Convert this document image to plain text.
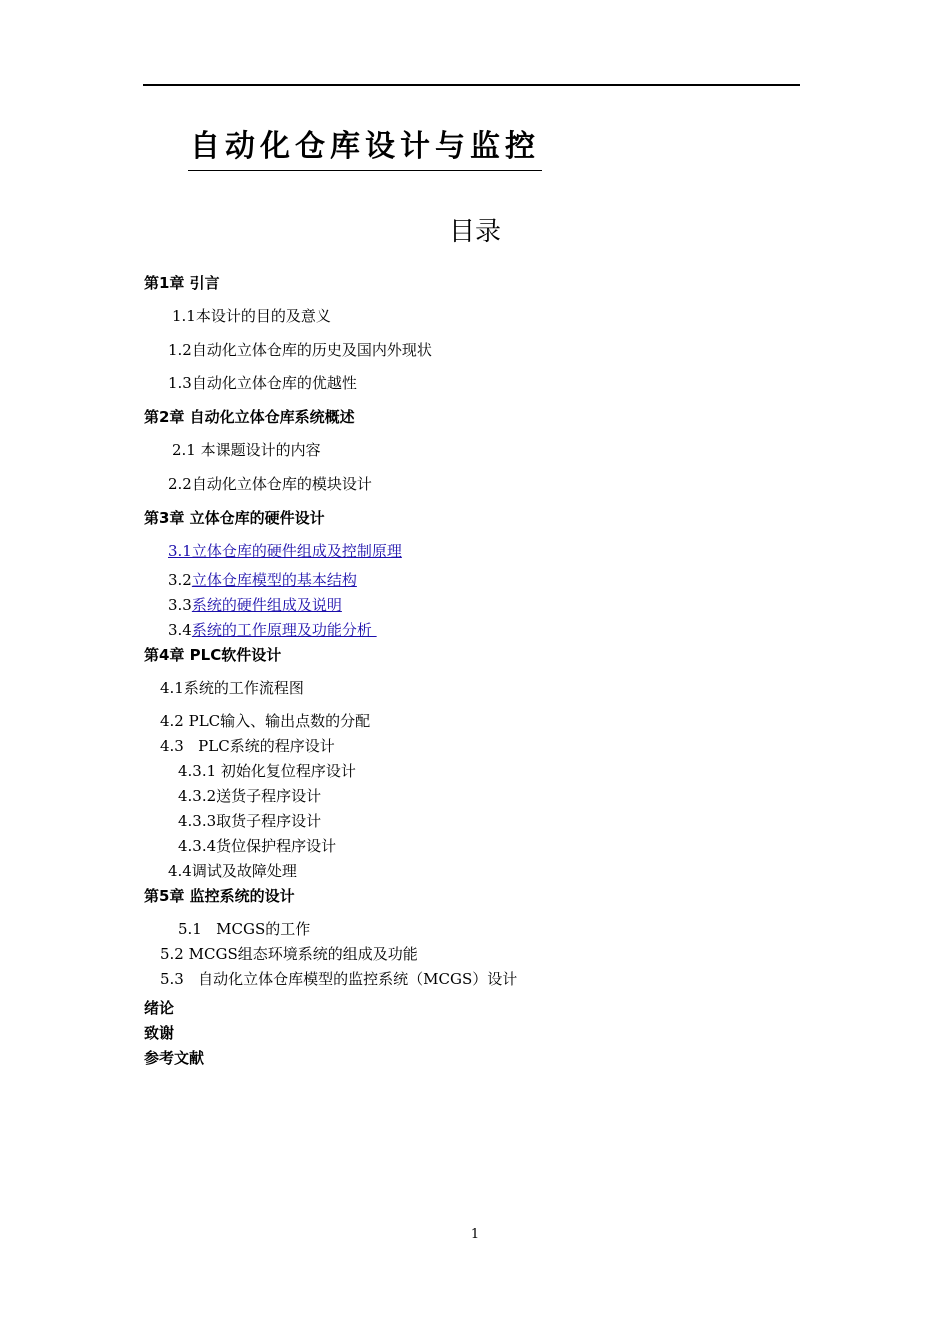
自动化仓库设计与监控
目录
第1章 引言
1.1本设计的目的及意义
1.2自动化立体仓库的历史及国内外现状
1.3自动化立体仓库的优越性
第2章 自动化立体仓库系统概述
2.1 本课题设计的内容
2.2自动化立体仓库的模块设计
第3章 立体仓库的硬件设计
3.1立体仓库的硬件组成及控制原理
3.2立体仓库模型的基本结构
3.3系统的硬件组成及说明
3.4系统的工作原理及功能分析
第4章 PLC软件设计
4.1系统的工作流程图
4.2 PLC输入、输出点数的分配
4.3   PLC系统的程序设计
4.3.1 初始化复位程序设计
4.3.2送货子程序设计
4.3.3取货子程序设计
4.3.4货位保护程序设计
4.4调试及故障处理
第5章 监控系统的设计
5.1   MCGS的工作
5.2 MCGS组态环境系统的组成及功能
5.3   自动化立体仓库模型的监控系统（MCGS）设计
绪论
致谢
参考文献
1
